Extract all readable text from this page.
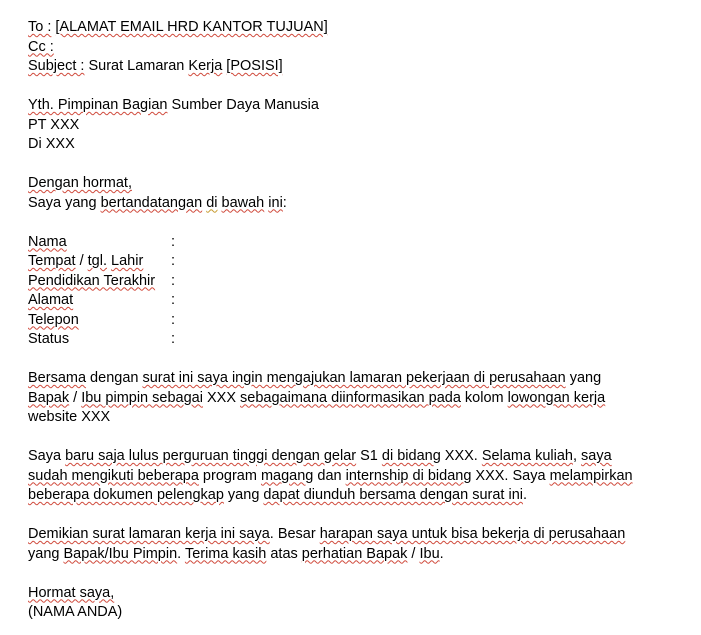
To : [ALAMAT EMAIL HRD KANTOR TUJUAN]
Cc :
Subject : Surat Lamaran Kerja [POSISI]
Yth. Pimpinan Bagian Sumber Daya Manusia
PT XXX
Di XXX
Dengan hormat,
Saya yang bertandatangan di bawah ini:
Nama	:
Tempat / tgl. Lahir	:
Pendidikan Terakhir	:
Alamat	:
Telepon	:
Status	:
Bersama dengan surat ini saya ingin mengajukan lamaran pekerjaan di perusahaan yang
Bapak / Ibu pimpin sebagai XXX sebagaimana diinformasikan pada kolom lowongan kerja
website XXX
Saya baru saja lulus perguruan tinggi dengan gelar S1 di bidang XXX. Selama kuliah, saya
sudah mengikuti beberapa program magang dan internship di bidang XXX. Saya melampirkan
beberapa dokumen pelengkap yang dapat diunduh bersama dengan surat ini.
Demikian surat lamaran kerja ini saya. Besar harapan saya untuk bisa bekerja di perusahaan
yang Bapak/Ibu Pimpin. Terima kasih atas perhatian Bapak / Ibu.
Hormat saya,
(NAMA ANDA)
